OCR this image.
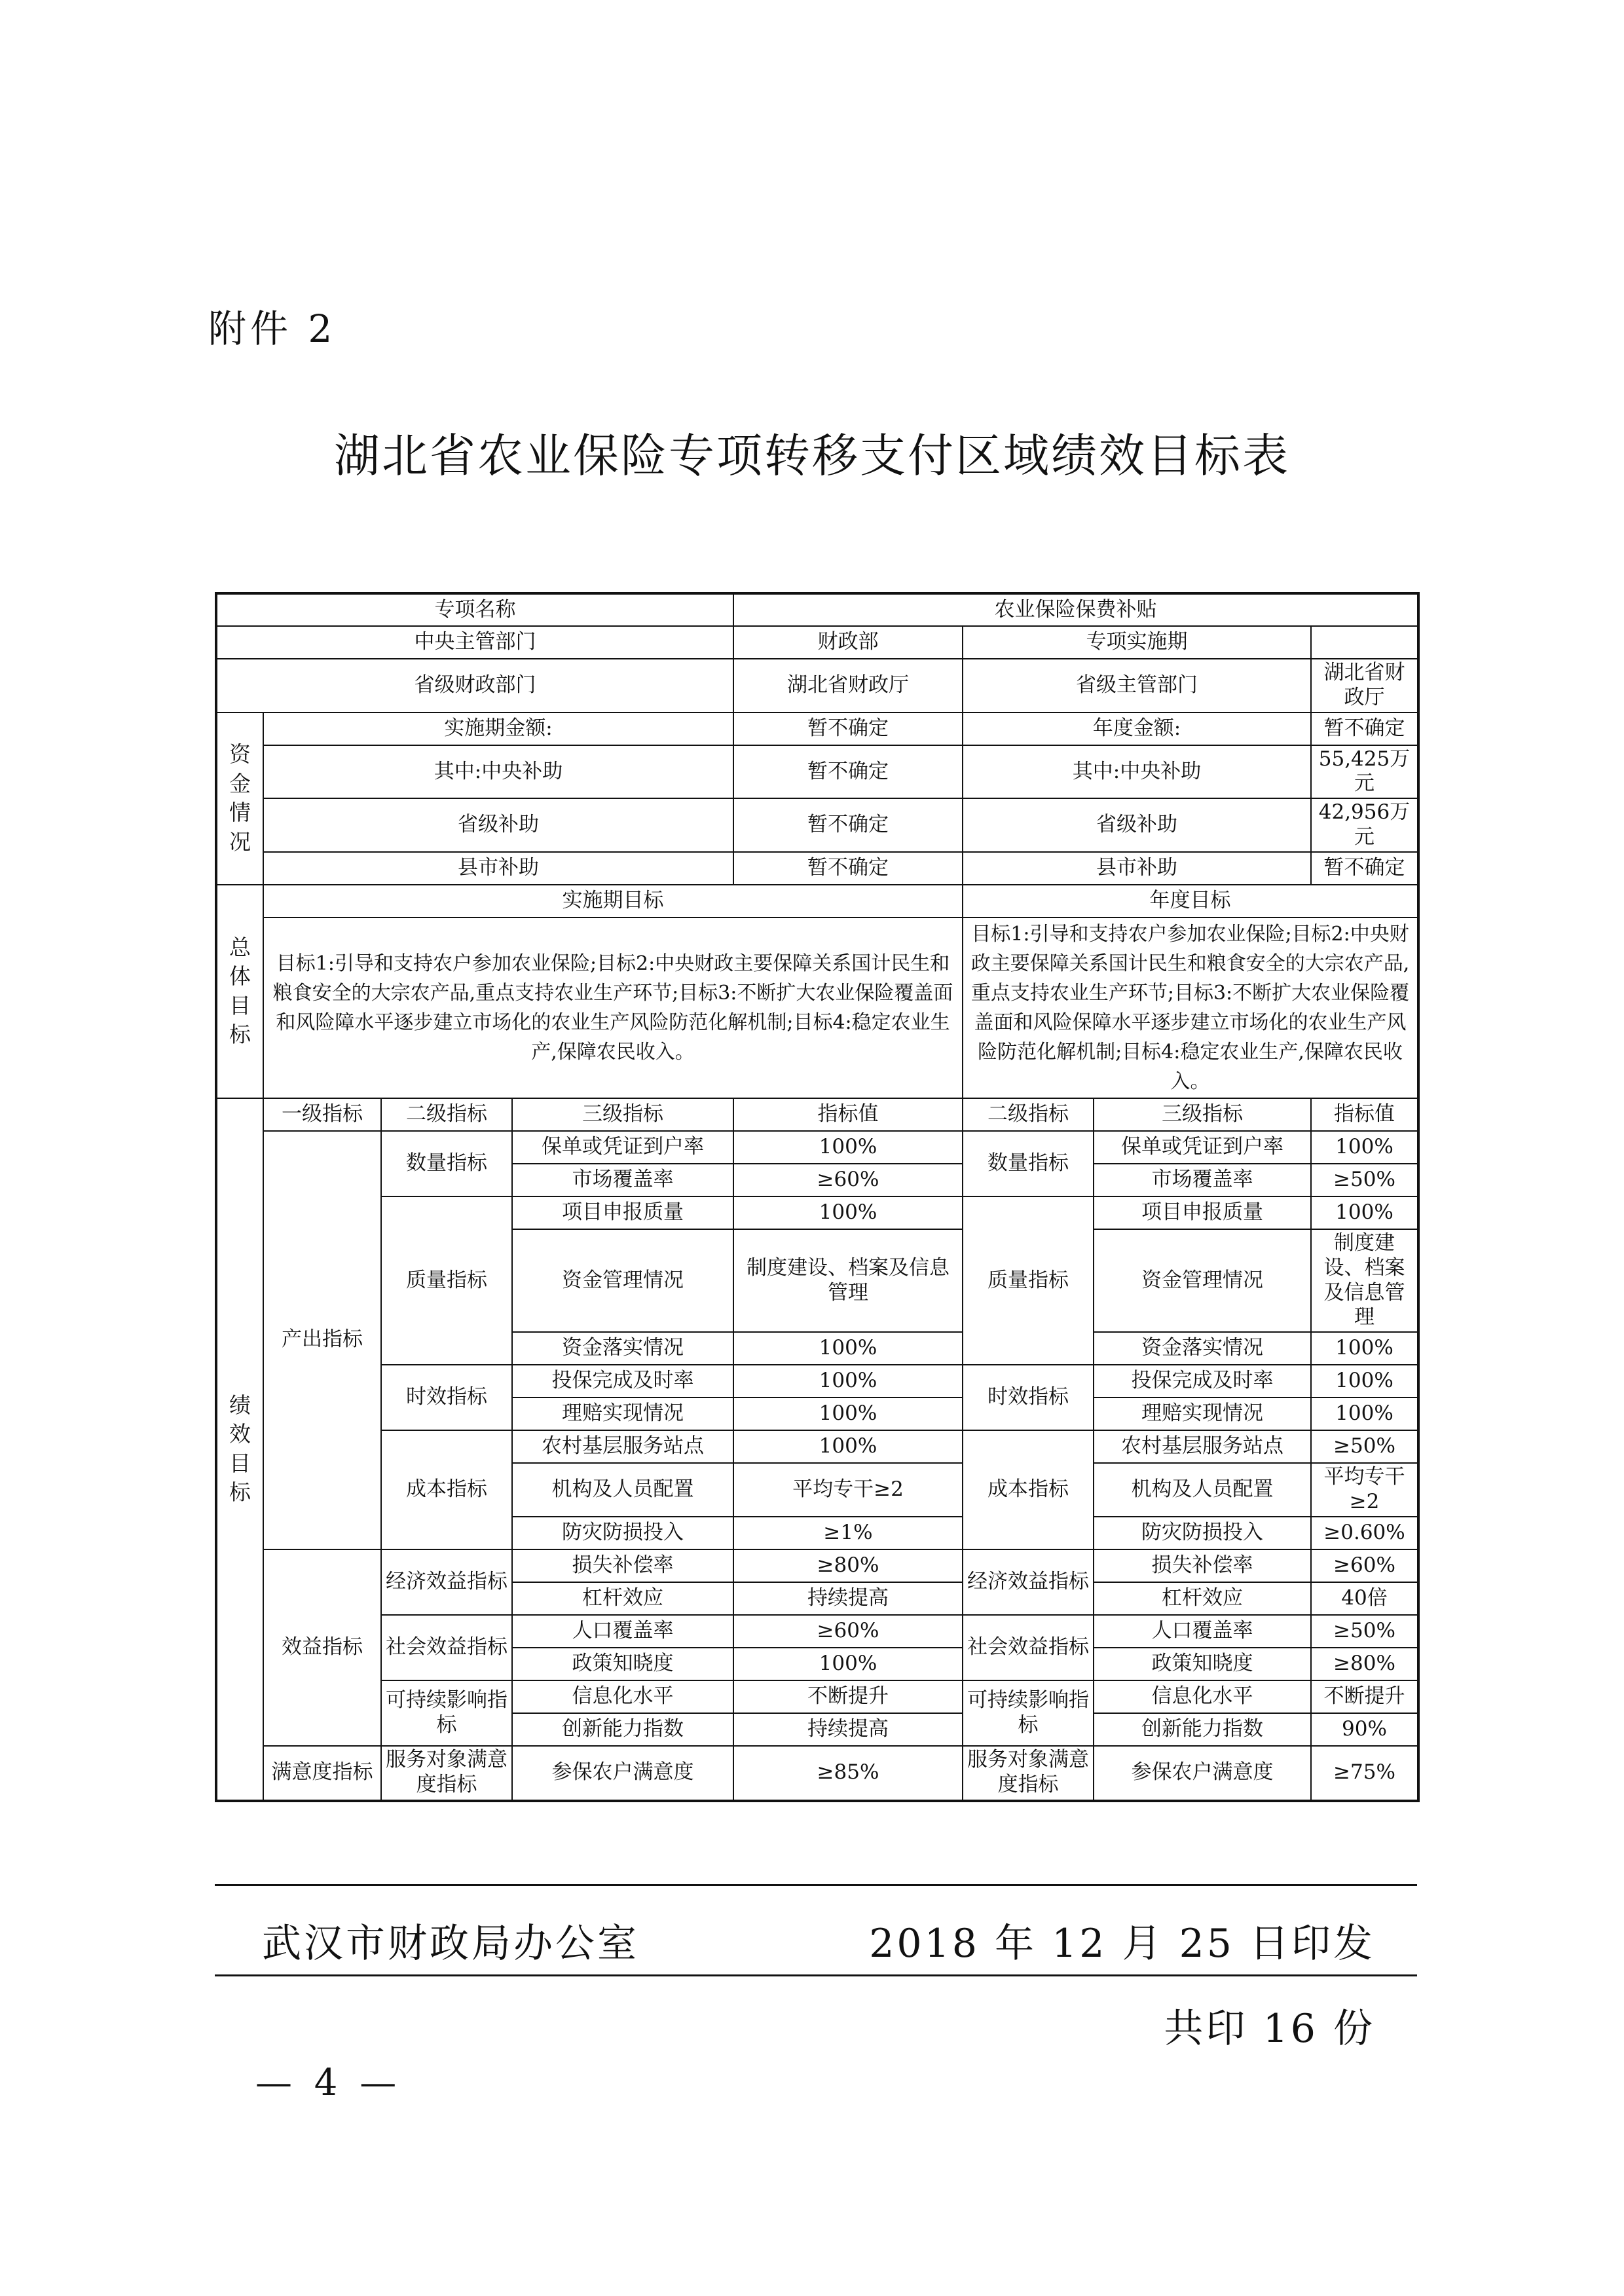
附件 2
湖北省农业保险专项转移支付区域绩效目标表
专项名称				农业保险保费补贴			
中央主管部门				财政部	专项实施期		
省级财政部门				湖北省财政厅	省级主管部门		湖北省财政厅
资金情况	实施期金额:			暂不确定	年度金额:		暂不确定
	其中:中央补助			暂不确定	其中:中央补助		55,425万元
	省级补助			暂不确定	省级补助		42,956万元
	县市补助			暂不确定	县市补助		暂不确定
总体目标	实施期目标				年度目标		
	目标1:引导和支持农户参加农业保险;目标2:中央财政主要保障关系国计民生和粮食安全的大宗农产品,重点支持农业生产环节;目标3:不断扩大农业保险覆盖面和风险障水平逐步建立市场化的农业生产风险防范化解机制;目标4:稳定农业生产,保障农民收入。				目标1:引导和支持农户参加农业保险;目标2:中央财政主要保障关系国计民生和粮食安全的大宗农产品,重点支持农业生产环节;目标3:不断扩大农业保险覆盖面和风险保障水平逐步建立市场化的农业生产风险防范化解机制;目标4:稳定农业生产,保障农民收入。		
绩效目标	一级指标	二级指标	三级指标	指标值	二级指标	三级指标	指标值
	产出指标	数量指标	保单或凭证到户率	100%	数量指标	保单或凭证到户率	100%
			市场覆盖率	≥60%		市场覆盖率	≥50%
		质量指标	项目申报质量	100%	质量指标	项目申报质量	100%
			资金管理情况	制度建设、档案及信息管理		资金管理情况	制度建设、档案及信息管理
			资金落实情况	100%		资金落实情况	100%
		时效指标	投保完成及时率	100%	时效指标	投保完成及时率	100%
			理赔实现情况	100%		理赔实现情况	100%
		成本指标	农村基层服务站点	100%	成本指标	农村基层服务站点	≥50%
			机构及人员配置	平均专干≥2		机构及人员配置	平均专干≥2
			防灾防损投入	≥1%		防灾防损投入	≥0.60%
	效益指标	经济效益指标	损失补偿率	≥80%	经济效益指标	损失补偿率	≥60%
			杠杆效应	持续提高		杠杆效应	40倍
		社会效益指标	人口覆盖率	≥60%	社会效益指标	人口覆盖率	≥50%
			政策知晓度	100%		政策知晓度	≥80%
		可持续影响指标	信息化水平	不断提升	可持续影响指标	信息化水平	不断提升
			创新能力指数	持续提高		创新能力指数	90%
	满意度指标	服务对象满意度指标	参保农户满意度	≥85%	服务对象满意度指标	参保农户满意度	≥75%
武汉市财政局办公室	2018 年 12 月 25 日印发
共印 16 份
— 4 —
